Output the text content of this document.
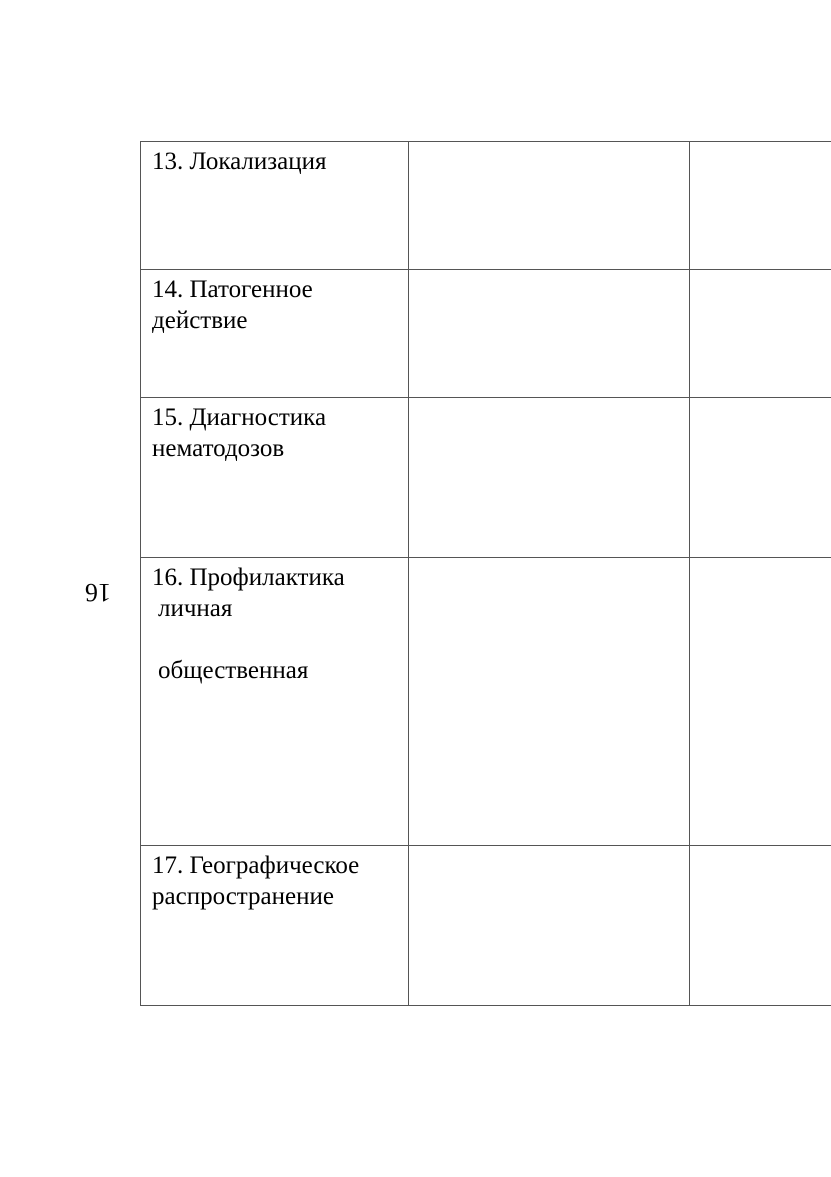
16
13. Локализация		

14. Патогенное
действие		

15. Диагностика
нематодозов		

16. Профилактика
личная
общественная		

17. Географическое
распространение		
